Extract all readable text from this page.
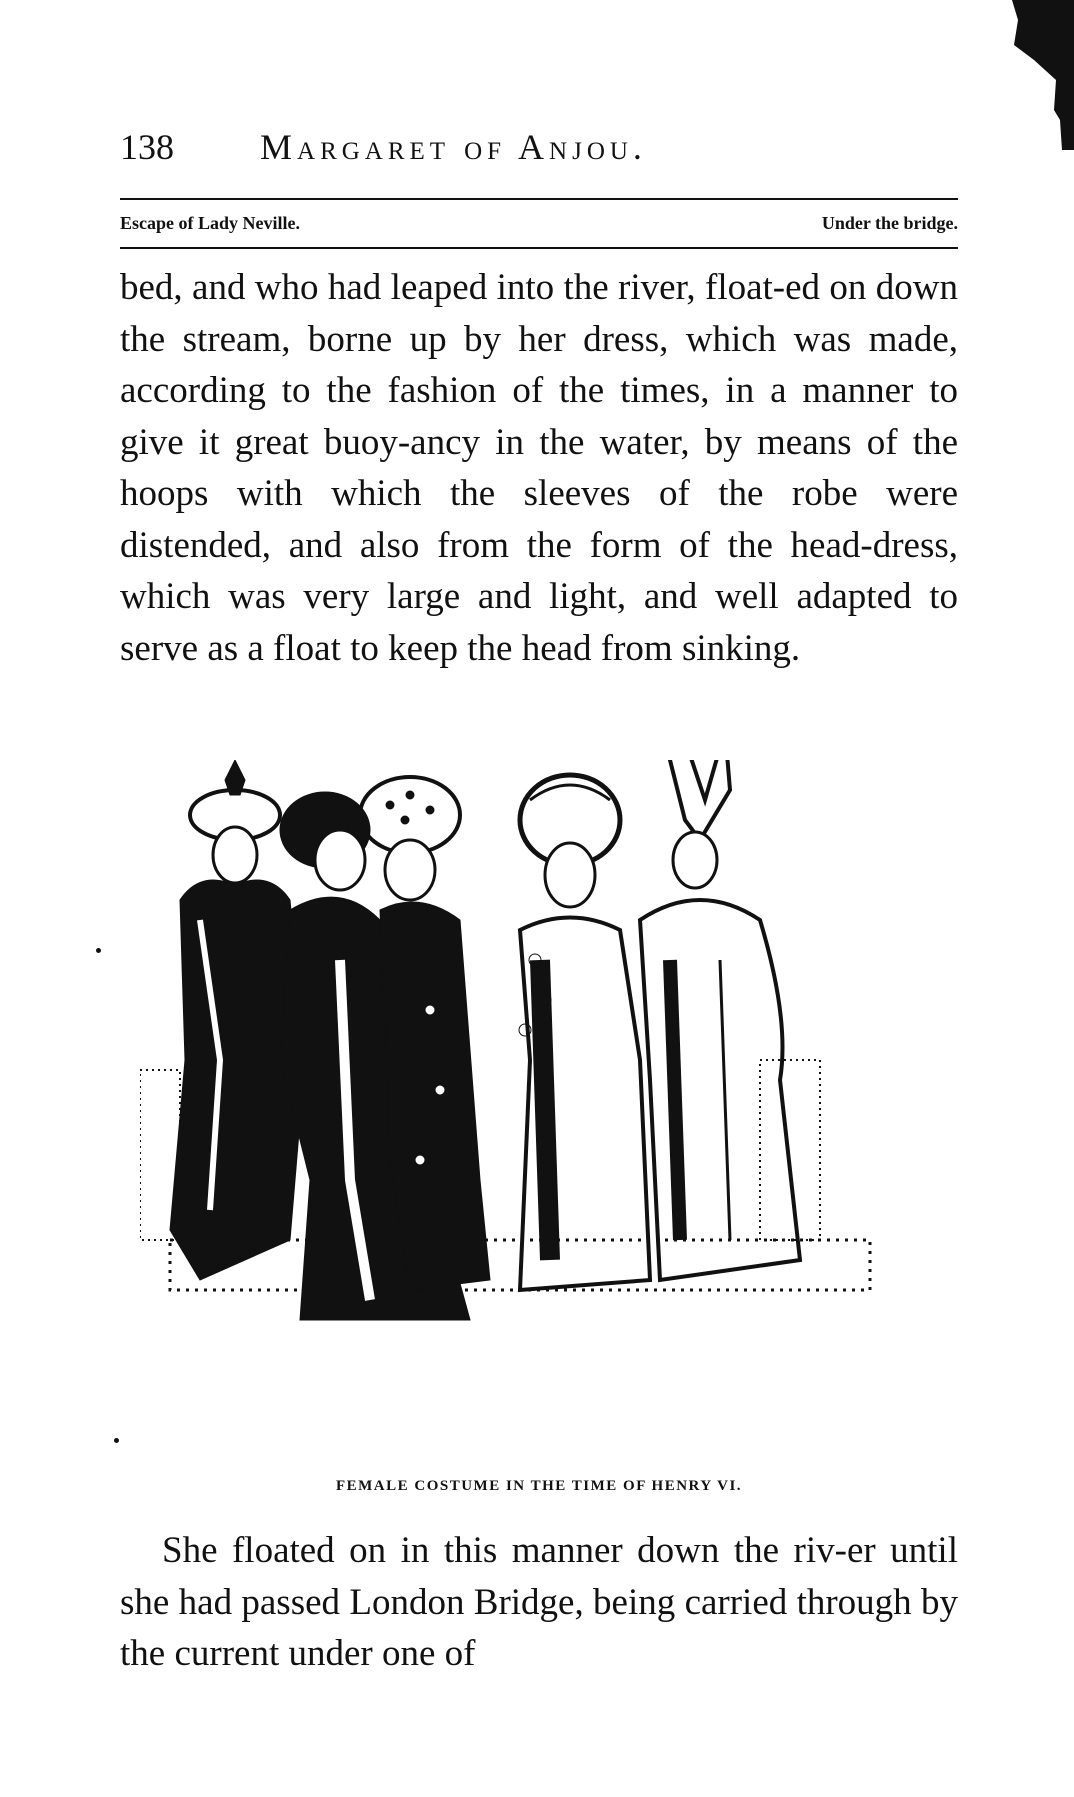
138 Margaret of Anjou.
Escape of Lady Neville.	Under the bridge.

bed, and who had leaped into the river, float-ed on down the stream, borne up by her dress, which was made, according to the fashion of the times, in a manner to give it great buoy-ancy in the water, by means of the hoops with which the sleeves of the robe were distended, and also from the form of the head-dress, which was very large and light, and well adapted to serve as a float to keep the head from sinking.

FEMALE COSTUME IN THE TIME OF HENRY VI.

She floated on in this manner down the riv-er until she had passed London Bridge, being carried through by the current under one of
